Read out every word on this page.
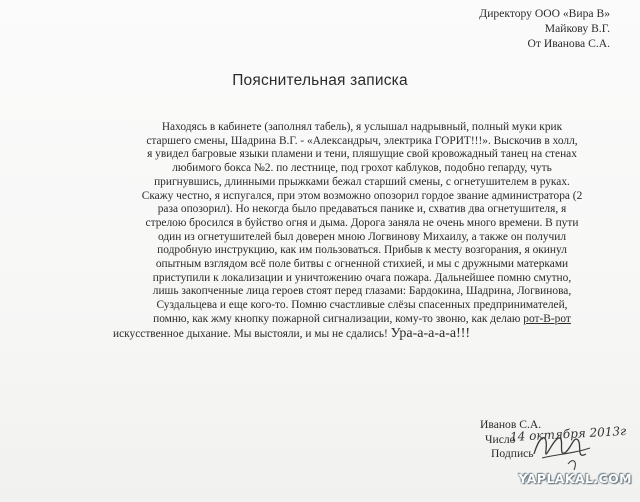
Директору ООО «Вира В»
Майкову В.Г.
От Иванова С.А.
Пояснительная записка
Находясь в кабинете (заполнял табель), я услышал надрывный, полный муки крик
старшего смены, Шадрина В.Г. - «Александрыч, электрика ГОРИТ!!!». Выскочив в холл,
я увидел багровые языки пламени и тени, пляшущие свой кровожадный танец на стенах
любимого бокса №2. по лестнице, под грохот каблуков, подобно гепарду, чуть
пригнувшись, длинными прыжками бежал старший смены, с огнетушителем в руках.
Скажу честно, я испугался, при этом возможно опозорил гордое звание администратора (2
раза опозорил). Но некогда было предаваться панике и, схватив два огнетушителя, я
стрелою бросился в буйство огня и дыма. Дорога заняла не очень много времени. В пути
один из огнетушителей был доверен мною Логвинову Михаилу, а также он получил
подробную инструкцию, как им пользоваться. Прибыв к месту возгорания, я окинул
опытным взглядом всё поле битвы с огненной стихией, и мы с дружными матерками
приступили к локализации и уничтожению очага пожара. Дальнейшее помню смутно,
лишь закопченные лица героев стоят перед глазами: Бардокина, Шадрина, Логвинова,
Суздальцева и еще кого-то. Помню счастливые слёзы спасенных предпринимателей,
помню, как жму кнопку пожарной сигнализации, кому-то звоню, как делаю рот-В-рот
искусственное дыхание. Мы выстояли, и мы не сдались! Ура-а-а-а-а!!!
Иванов С.А.
Число
14 октября 2013г
Подпись
YAPLAKAL.COM
